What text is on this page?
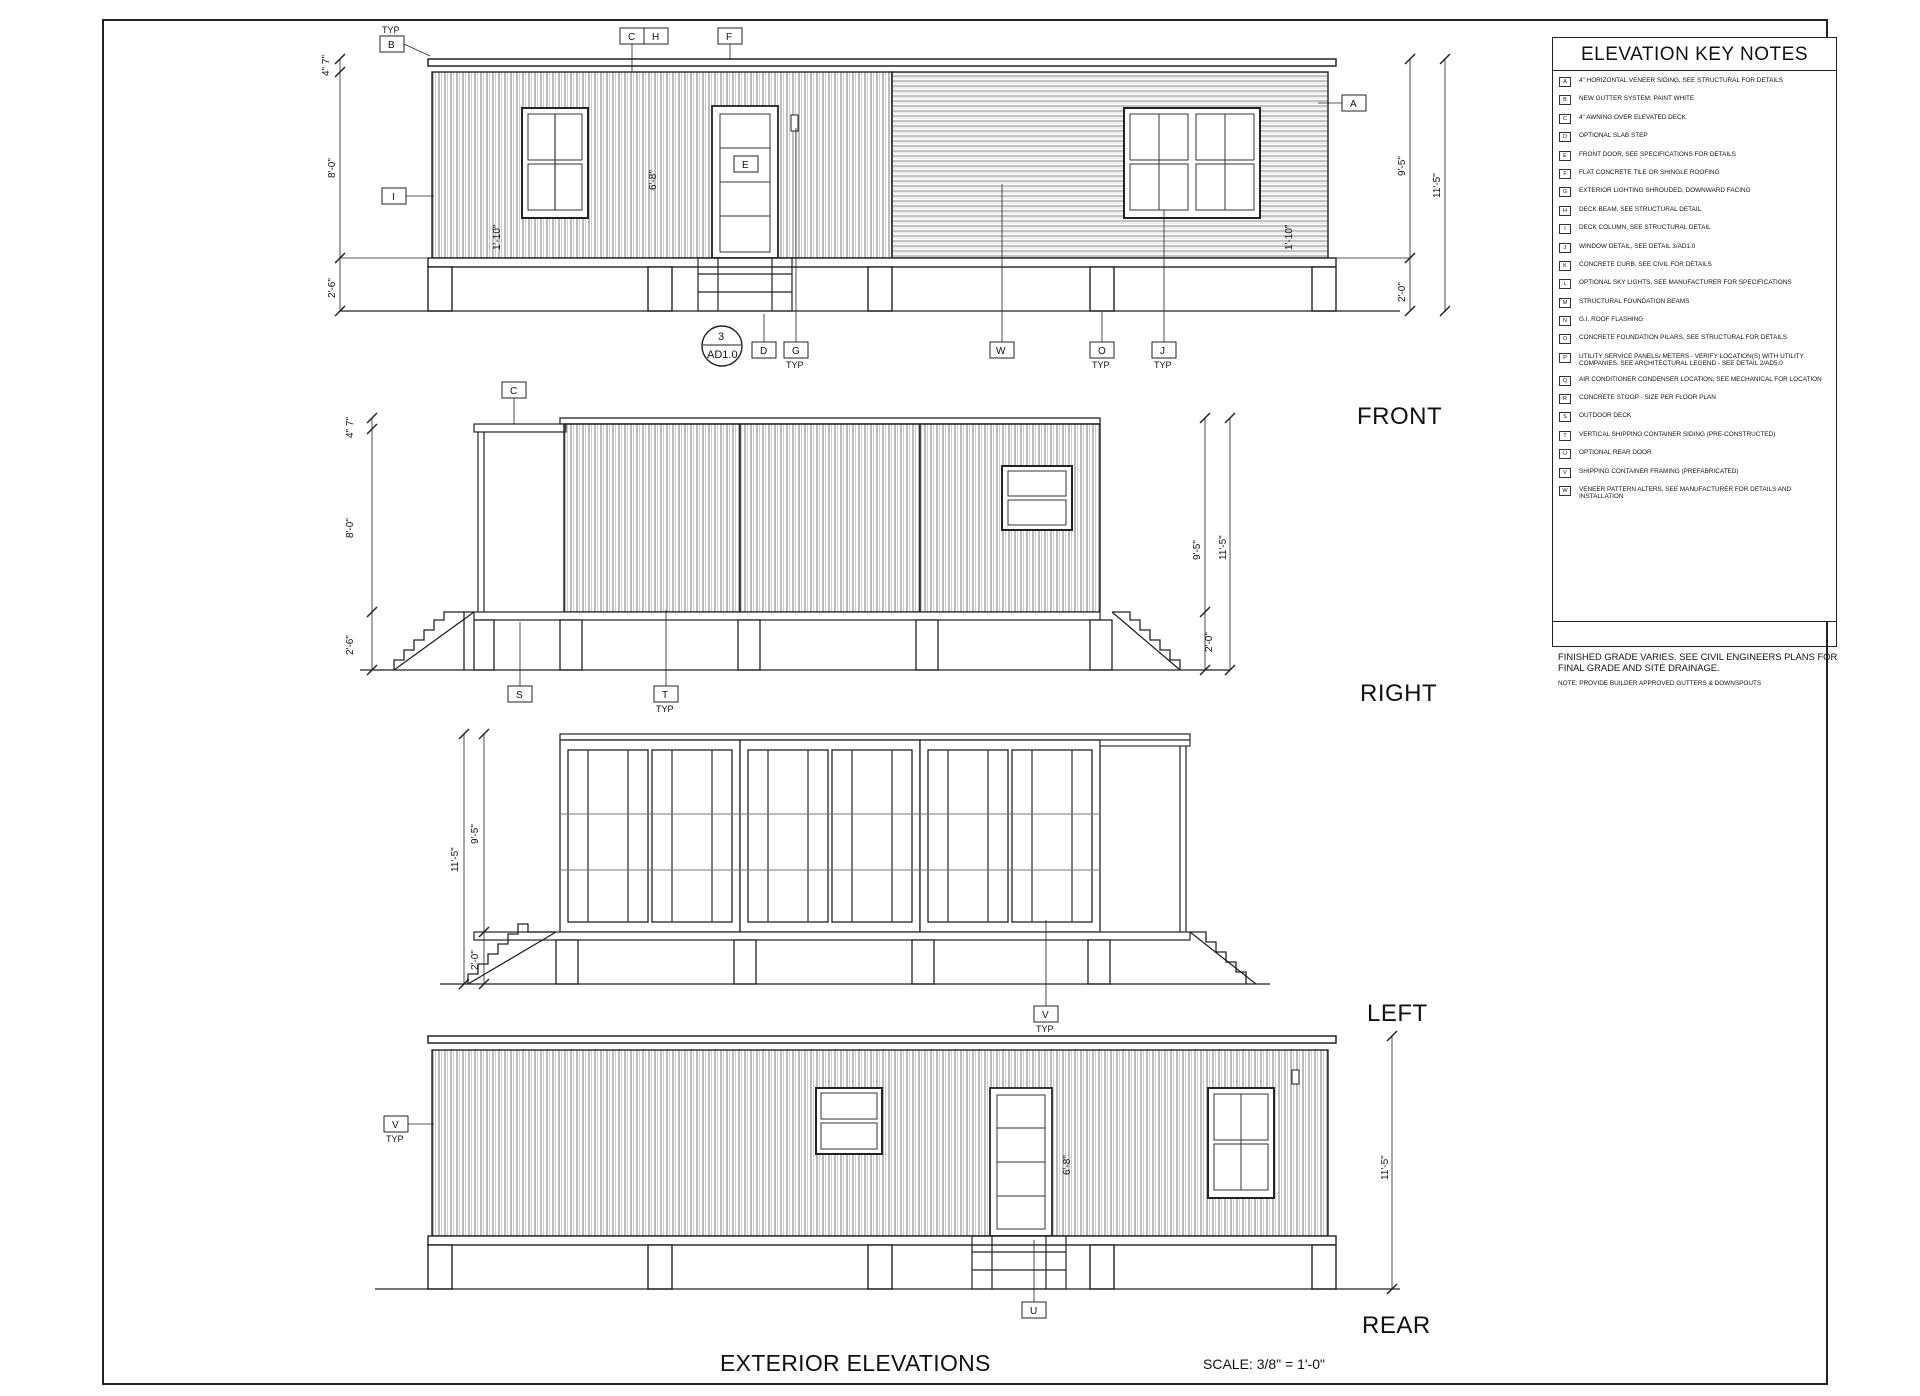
4" 7"
8'-0"
2'-6"
9'-5"
11'-5"
2'-0"
6'-8"
1'-10"	1'-10"
B
TYP
C H	F
A
I
E
W
3
AD1.0 D G
TYP
O
TYP
J
TYP
4" 7"
8'-0"
2'-6"
9'-5" 11'-5"
2'-0"
C
S	T
TYP
11'-5"
9'-5"
2'-0"
V
TYP
11'-5"
6'-8"
V
TYP
U
FRONT
RIGHT
LEFT
REAR
ELEVATION KEY NOTES
A	4" HORIZONTAL VENEER SIDING, SEE STRUCTURAL FOR DETAILS
B	NEW GUTTER SYSTEM; PAINT WHITE
C	4" AWNING OVER ELEVATED DECK
D	OPTIONAL SLAB STEP
E	FRONT DOOR, SEE SPECIFICATIONS FOR DETAILS
F	FLAT CONCRETE TILE OR SHINGLE ROOFING
G	EXTERIOR LIGHTING SHROUDED, DOWNWARD FACING
H	DECK BEAM, SEE STRUCTURAL DETAIL
I	DECK COLUMN, SEE STRUCTURAL DETAIL
J	WINDOW DETAIL, SEE DETAIL 3/AD1.0
K	CONCRETE CURB, SEE CIVIL FOR DETAILS
L	OPTIONAL SKY LIGHTS, SEE MANUFACTURER FOR SPECIFICATIONS
M	STRUCTURAL FOUNDATION BEAMS
N	G.I. ROOF FLASHING
O	CONCRETE FOUNDATION PILARS, SEE STRUCTURAL FOR DETAILS
P	UTILITY SERVICE PANELS/ METERS - VERIFY LOCATION(S) WITH UTILITY COMPANIES. SEE ARCHITECTURAL LEGEND - SEE DETAIL 2/AD5.0
Q	AIR CONDITIONER CONDENSER LOCATION, SEE MECHANICAL FOR LOCATION
R	CONCRETE STOOP - SIZE PER FLOOR PLAN
S	OUTDOOR DECK
T	VERTICAL SHIPPING CONTAINER SIDING (PRE-CONSTRUCTED)
U	OPTIONAL REAR DOOR
V	SHIPPING CONTAINER FRAMING (PREFABRICATED)
W	VENEER PATTERN ALTERS, SEE MANUFACTURER FOR DETAILS AND INSTALLATION
FINISHED GRADE VARIES. SEE CIVIL ENGINEERS PLANS FOR FINAL GRADE AND SITE DRAINAGE.
NOTE: PROVIDE BUILDER APPROVED GUTTERS & DOWNSPOUTS
EXTERIOR ELEVATIONS	SCALE: 3/8" = 1'-0"
